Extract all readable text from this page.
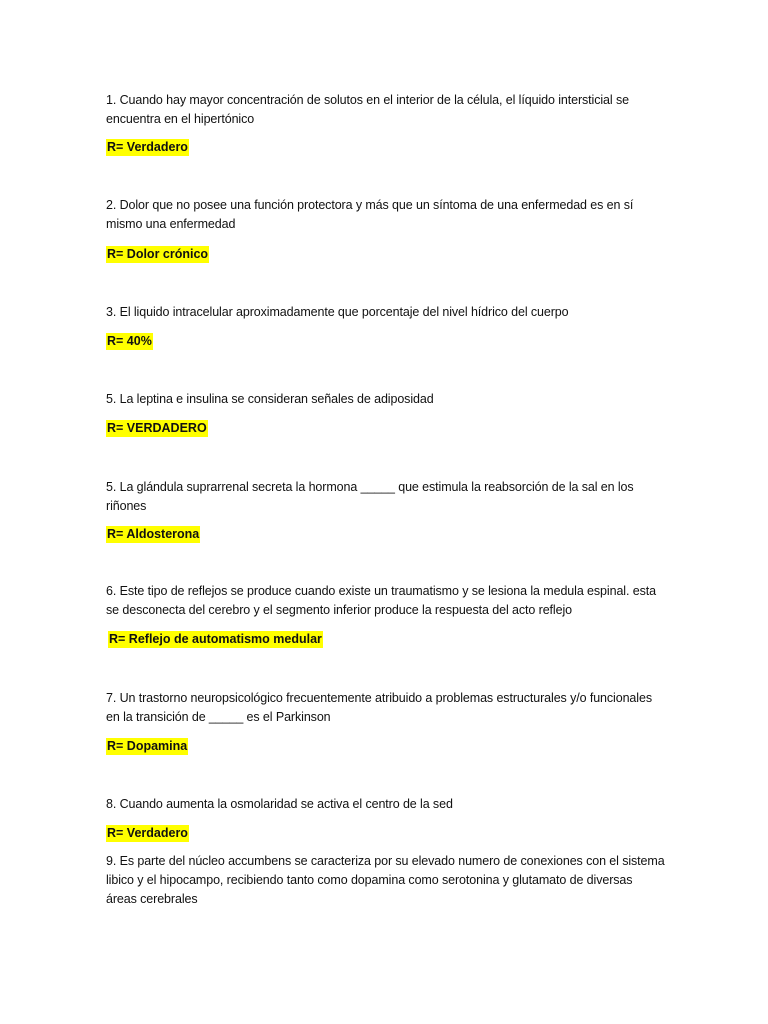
1. Cuando hay mayor concentración de solutos en el interior de la célula, el líquido intersticial se encuentra en el hipertónico

R= Verdadero

2. Dolor que no posee una función protectora y más que un síntoma de una enfermedad es en sí mismo una enfermedad

R= Dolor crónico

3. El liquido intracelular aproximadamente que porcentaje del nivel hídrico del cuerpo

R= 40%

5. La leptina e insulina se consideran señales de adiposidad

R= VERDADERO

5. La glándula suprarrenal secreta la hormona _____ que estimula la reabsorción de la sal en los riñones

R= Aldosterona

6. Este tipo de reflejos se produce cuando existe un traumatismo y se lesiona la medula espinal. esta se desconecta del cerebro y el segmento inferior produce la respuesta del acto reflejo

R= Reflejo de automatismo medular

7. Un trastorno neuropsicológico frecuentemente atribuido a problemas estructurales y/o funcionales en la transición de _____ es el Parkinson

R= Dopamina

8. Cuando aumenta la osmolaridad se activa el centro de la sed

R= Verdadero

9. Es parte del núcleo accumbens se caracteriza por su elevado numero de conexiones con el sistema libico y el hipocampo, recibiendo tanto como dopamina como serotonina y glutamato de diversas áreas cerebrales
